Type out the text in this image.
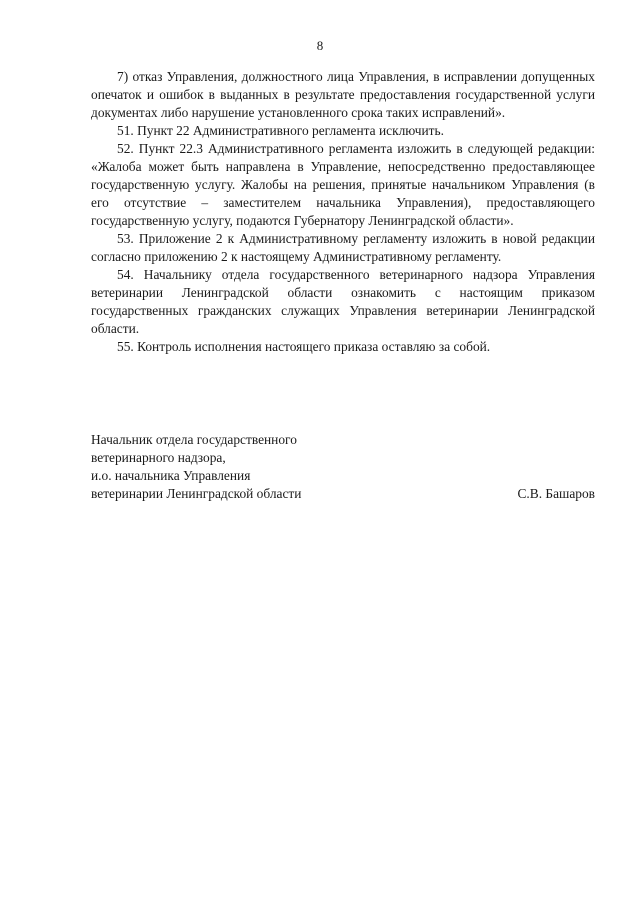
8

7) отказ Управления, должностного лица Управления, в исправлении допущенных опечаток и ошибок в выданных в результате предоставления государственной услуги документах либо нарушение установленного срока таких исправлений».

51. Пункт 22 Административного регламента исключить.

52. Пункт 22.3 Административного регламента изложить в следующей редакции: «Жалоба может быть направлена в Управление, непосредственно предоставляющее государственную услугу. Жалобы на решения, принятые начальником Управления (в его отсутствие – заместителем начальника Управления), предоставляющего государственную услугу, подаются Губернатору Ленинградской области».

53. Приложение 2 к Административному регламенту изложить в новой редакции согласно приложению 2 к настоящему Административному регламенту.

54. Начальнику отдела государственного ветеринарного надзора Управления ветеринарии Ленинградской области ознакомить с настоящим приказом государственных гражданских служащих Управления ветеринарии Ленинградской области.

55. Контроль исполнения настоящего приказа оставляю за собой.

Начальник отдела государственного
ветеринарного надзора,
и.о. начальника Управления
ветеринарии Ленинградской области	С.В. Башаров
